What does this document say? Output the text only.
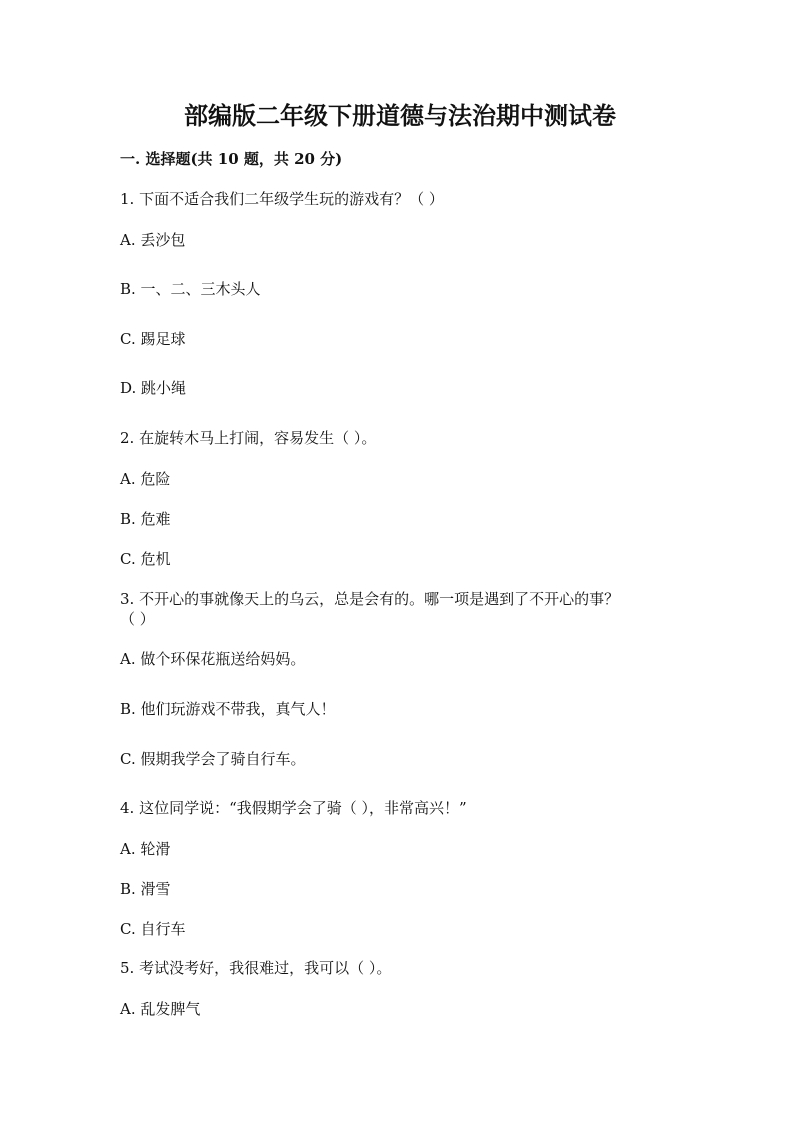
部编版二年级下册道德与法治期中测试卷
一. 选择题(共 10 题，共 20 分)
1. 下面不适合我们二年级学生玩的游戏有？（ ）
A. 丢沙包
B. 一、二、三木头人
C. 踢足球
D. 跳小绳
2. 在旋转木马上打闹，容易发生（ ）。
A. 危险
B. 危难
C. 危机
3. 不开心的事就像天上的乌云，总是会有的。哪一项是遇到了不开心的事？
（ ）
A. 做个环保花瓶送给妈妈。
B. 他们玩游戏不带我，真气人！
C. 假期我学会了骑自行车。
4. 这位同学说：“我假期学会了骑（ ），非常高兴！”
A. 轮滑
B. 滑雪
C. 自行车
5. 考试没考好，我很难过，我可以（ ）。
A. 乱发脾气
